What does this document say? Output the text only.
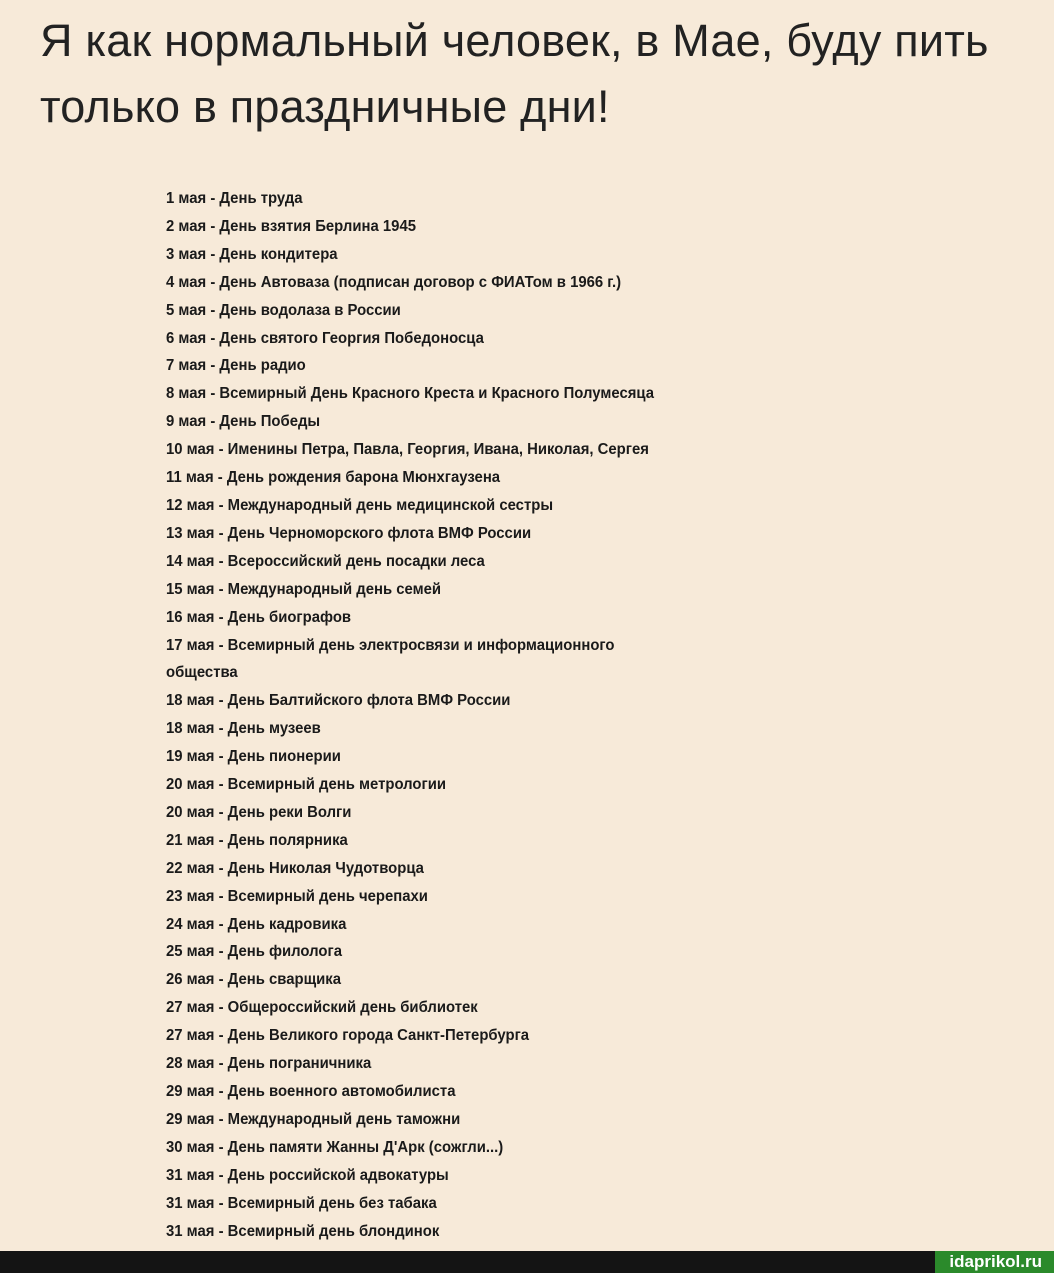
Я как нормальный человек, в Мае, буду пить только в праздничные дни!
1 мая - День труда
2 мая - День взятия Берлина 1945
3 мая - День кондитера
4 мая - День Автоваза (подписан договор с ФИАТом в 1966 г.)
5 мая - День водолаза в России
6 мая - День святого Георгия Победоносца
7 мая - День радио
8 мая - Всемирный День Красного Креста и Красного Полумесяца
9 мая - День Победы
10 мая - Именины Петра, Павла, Георгия, Ивана, Николая, Сергея
11 мая - День рождения барона Мюнхгаузена
12 мая - Международный день медицинской сестры
13 мая - День Черноморского флота ВМФ России
14 мая - Всероссийский день посадки леса
15 мая - Международный день семей
16 мая - День биографов
17 мая - Всемирный день электросвязи и информационного
общества
18 мая - День Балтийского флота ВМФ России
18 мая - День музеев
19 мая - День пионерии
20 мая - Всемирный день метрологии
20 мая - День реки Волги
21 мая - День полярника
22 мая - День Николая Чудотворца
23 мая - Всемирный день черепахи
24 мая - День кадровика
25 мая - День филолога
26 мая - День сварщика
27 мая - Общероссийский день библиотек
27 мая - День Великого города Санкт-Петербурга
28 мая - День пограничника
29 мая - День военного автомобилиста
29 мая - Международный день таможни
30 мая - День памяти Жанны Д'Арк (сожгли...)
31 мая - День российской адвокатуры
31 мая - Всемирный день без табака
31 мая - Всемирный день блондинок
idaprikol.ru
